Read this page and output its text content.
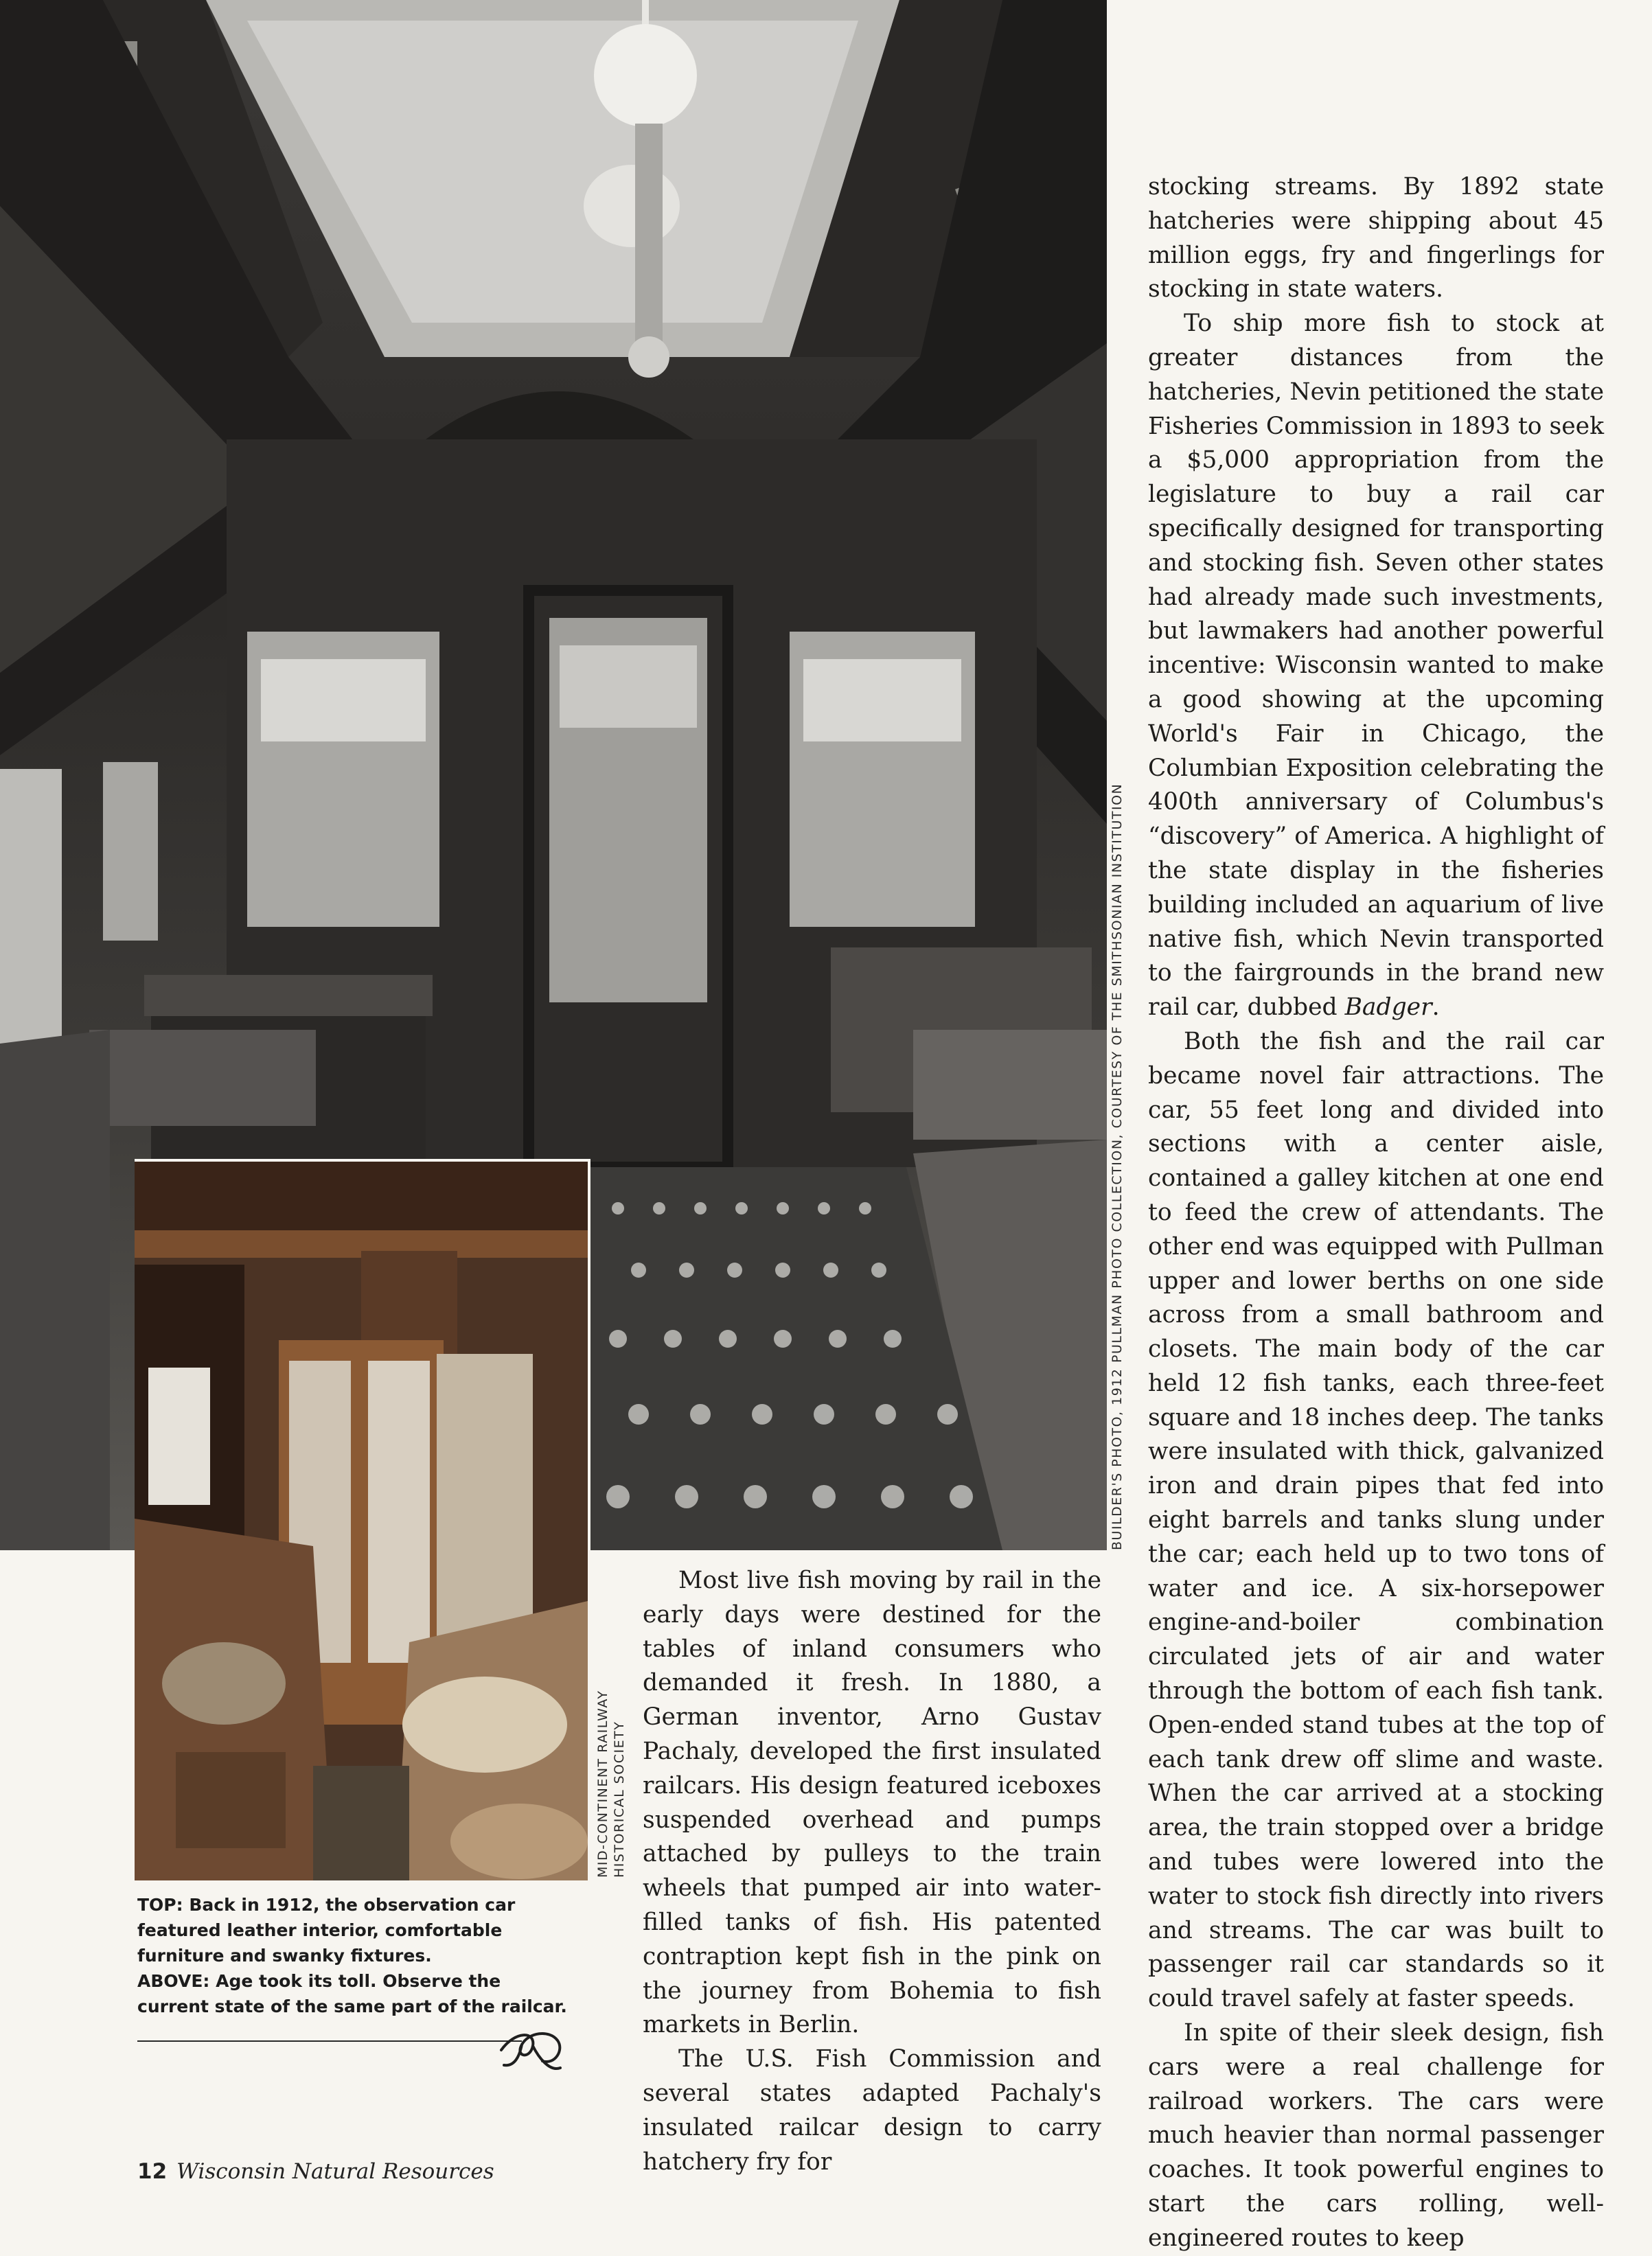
BUILDER'S PHOTO, 1912 PULLMAN PHOTO COLLECTION, COURTESY OF THE SMITHSONIAN INSTITUTION
MID-CONTINENT RAILWAY HISTORICAL SOCIETY

TOP: Back in 1912, the observation car featured leather interior, comfortable furniture and swanky fixtures.

ABOVE: Age took its toll. Observe the current state of the same part of the railcar.

stocking streams. By 1892 state hatcheries were shipping about 45 million eggs, fry and fingerlings for stocking in state waters.

To ship more fish to stock at greater distances from the hatcheries, Nevin petitioned the state Fisheries Commission in 1893 to seek a $5,000 appropriation from the legislature to buy a rail car specifically designed for transporting and stocking fish. Seven other states had already made such investments, but lawmakers had another powerful incentive: Wisconsin wanted to make a good showing at the upcoming World's Fair in Chicago, the Columbian Exposition celebrating the 400th anniversary of Columbus's “discovery” of America. A highlight of the state display in the fisheries building included an aquarium of live native fish, which Nevin transported to the fairgrounds in the brand new rail car, dubbed Badger.

Both the fish and the rail car became novel fair attractions. The car, 55 feet long and divided into sections with a center aisle, contained a galley kitchen at one end to feed the crew of attendants. The other end was equipped with Pullman upper and lower berths on one side across from a small bathroom and closets. The main body of the car held 12 fish tanks, each three-feet square and 18 inches deep. The tanks were insulated with thick, galvanized iron and drain pipes that fed into eight barrels and tanks slung under the car; each held up to two tons of water and ice. A six-horsepower engine-and-boiler combination circulated jets of air and water through the bottom of each fish tank. Open-ended stand tubes at the top of each tank drew off slime and waste. When the car arrived at a stocking area, the train stopped over a bridge and tubes were lowered into the water to stock fish directly into rivers and streams. The car was built to passenger rail car standards so it could travel safely at faster speeds.

In spite of their sleek design, fish cars were a real challenge for railroad workers. The cars were much heavier than normal passenger coaches. It took powerful engines to start the cars rolling, well-engineered routes to keep

Most live fish moving by rail in the early days were destined for the tables of inland consumers who demanded it fresh. In 1880, a German inventor, Arno Gustav Pachaly, developed the first insulated railcars. His design featured iceboxes suspended overhead and pumps attached by pulleys to the train wheels that pumped air into water-filled tanks of fish. His patented contraption kept fish in the pink on the journey from Bohemia to fish markets in Berlin.

The U.S. Fish Commission and several states adapted Pachaly's insulated railcar design to carry hatchery fry for

12 Wisconsin Natural Resources
